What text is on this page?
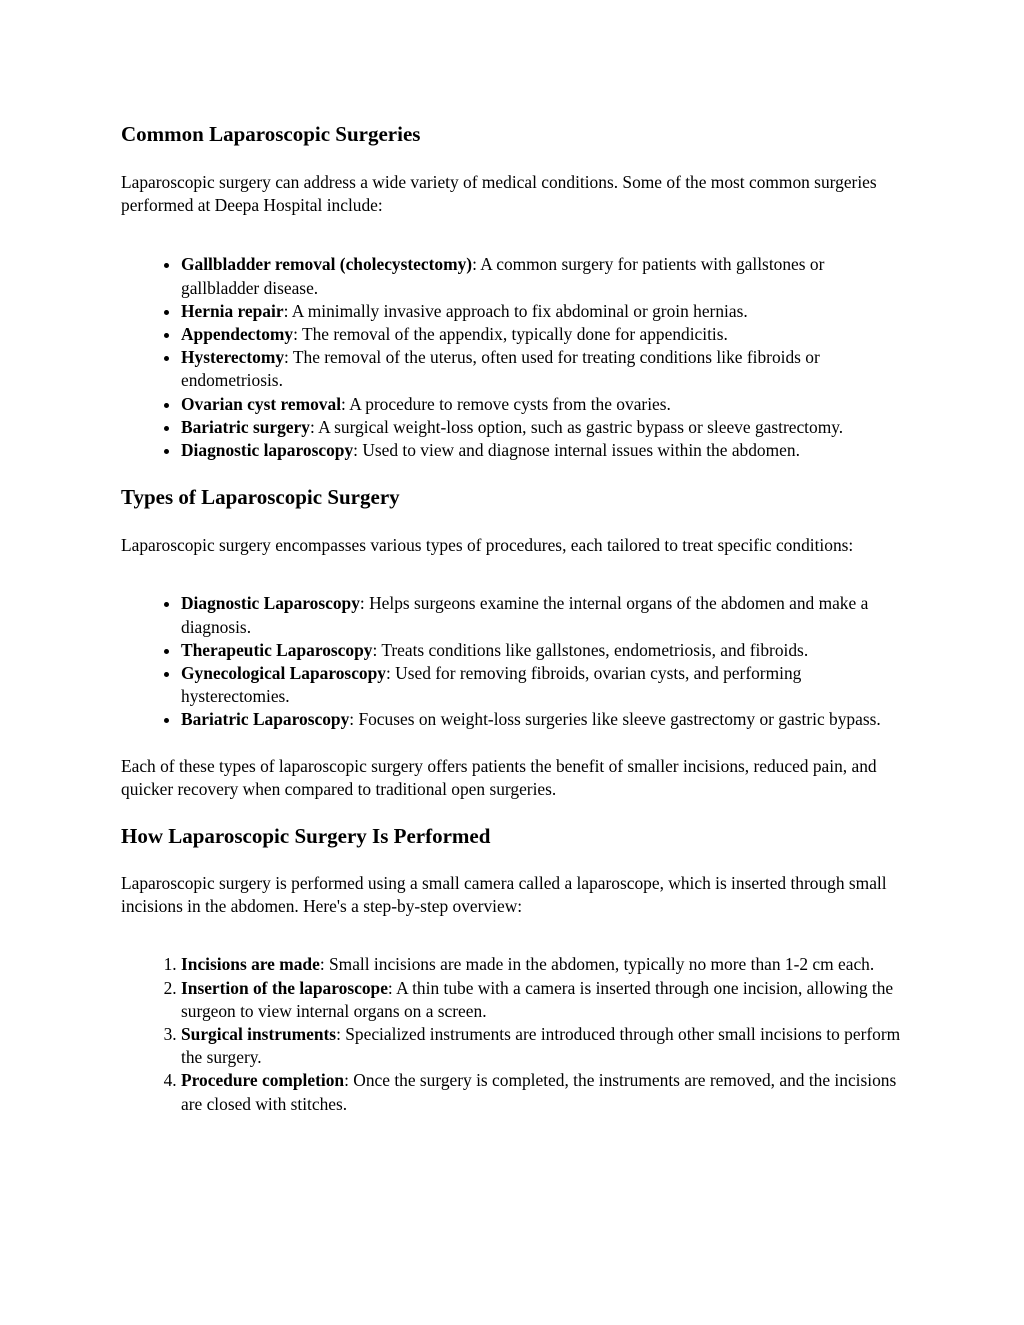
Common Laparoscopic Surgeries

Laparoscopic surgery can address a wide variety of medical conditions. Some of the most common surgeries performed at Deepa Hospital include:

• Gallbladder removal (cholecystectomy): A common surgery for patients with gallstones or gallbladder disease.
• Hernia repair: A minimally invasive approach to fix abdominal or groin hernias.
• Appendectomy: The removal of the appendix, typically done for appendicitis.
• Hysterectomy: The removal of the uterus, often used for treating conditions like fibroids or endometriosis.
• Ovarian cyst removal: A procedure to remove cysts from the ovaries.
• Bariatric surgery: A surgical weight-loss option, such as gastric bypass or sleeve gastrectomy.
• Diagnostic laparoscopy: Used to view and diagnose internal issues within the abdomen.
Types of Laparoscopic Surgery

Laparoscopic surgery encompasses various types of procedures, each tailored to treat specific conditions:

• Diagnostic Laparoscopy: Helps surgeons examine the internal organs of the abdomen and make a diagnosis.
• Therapeutic Laparoscopy: Treats conditions like gallstones, endometriosis, and fibroids.
• Gynecological Laparoscopy: Used for removing fibroids, ovarian cysts, and performing hysterectomies.
• Bariatric Laparoscopy: Focuses on weight-loss surgeries like sleeve gastrectomy or gastric bypass.

Each of these types of laparoscopic surgery offers patients the benefit of smaller incisions, reduced pain, and quicker recovery when compared to traditional open surgeries.

How Laparoscopic Surgery Is Performed

Laparoscopic surgery is performed using a small camera called a laparoscope, which is inserted through small incisions in the abdomen. Here's a step-by-step overview:

1. Incisions are made: Small incisions are made in the abdomen, typically no more than 1-2 cm each.
2. Insertion of the laparoscope: A thin tube with a camera is inserted through one incision, allowing the surgeon to view internal organs on a screen.
3. Surgical instruments: Specialized instruments are introduced through other small incisions to perform the surgery.
4. Procedure completion: Once the surgery is completed, the instruments are removed, and the incisions are closed with stitches.
